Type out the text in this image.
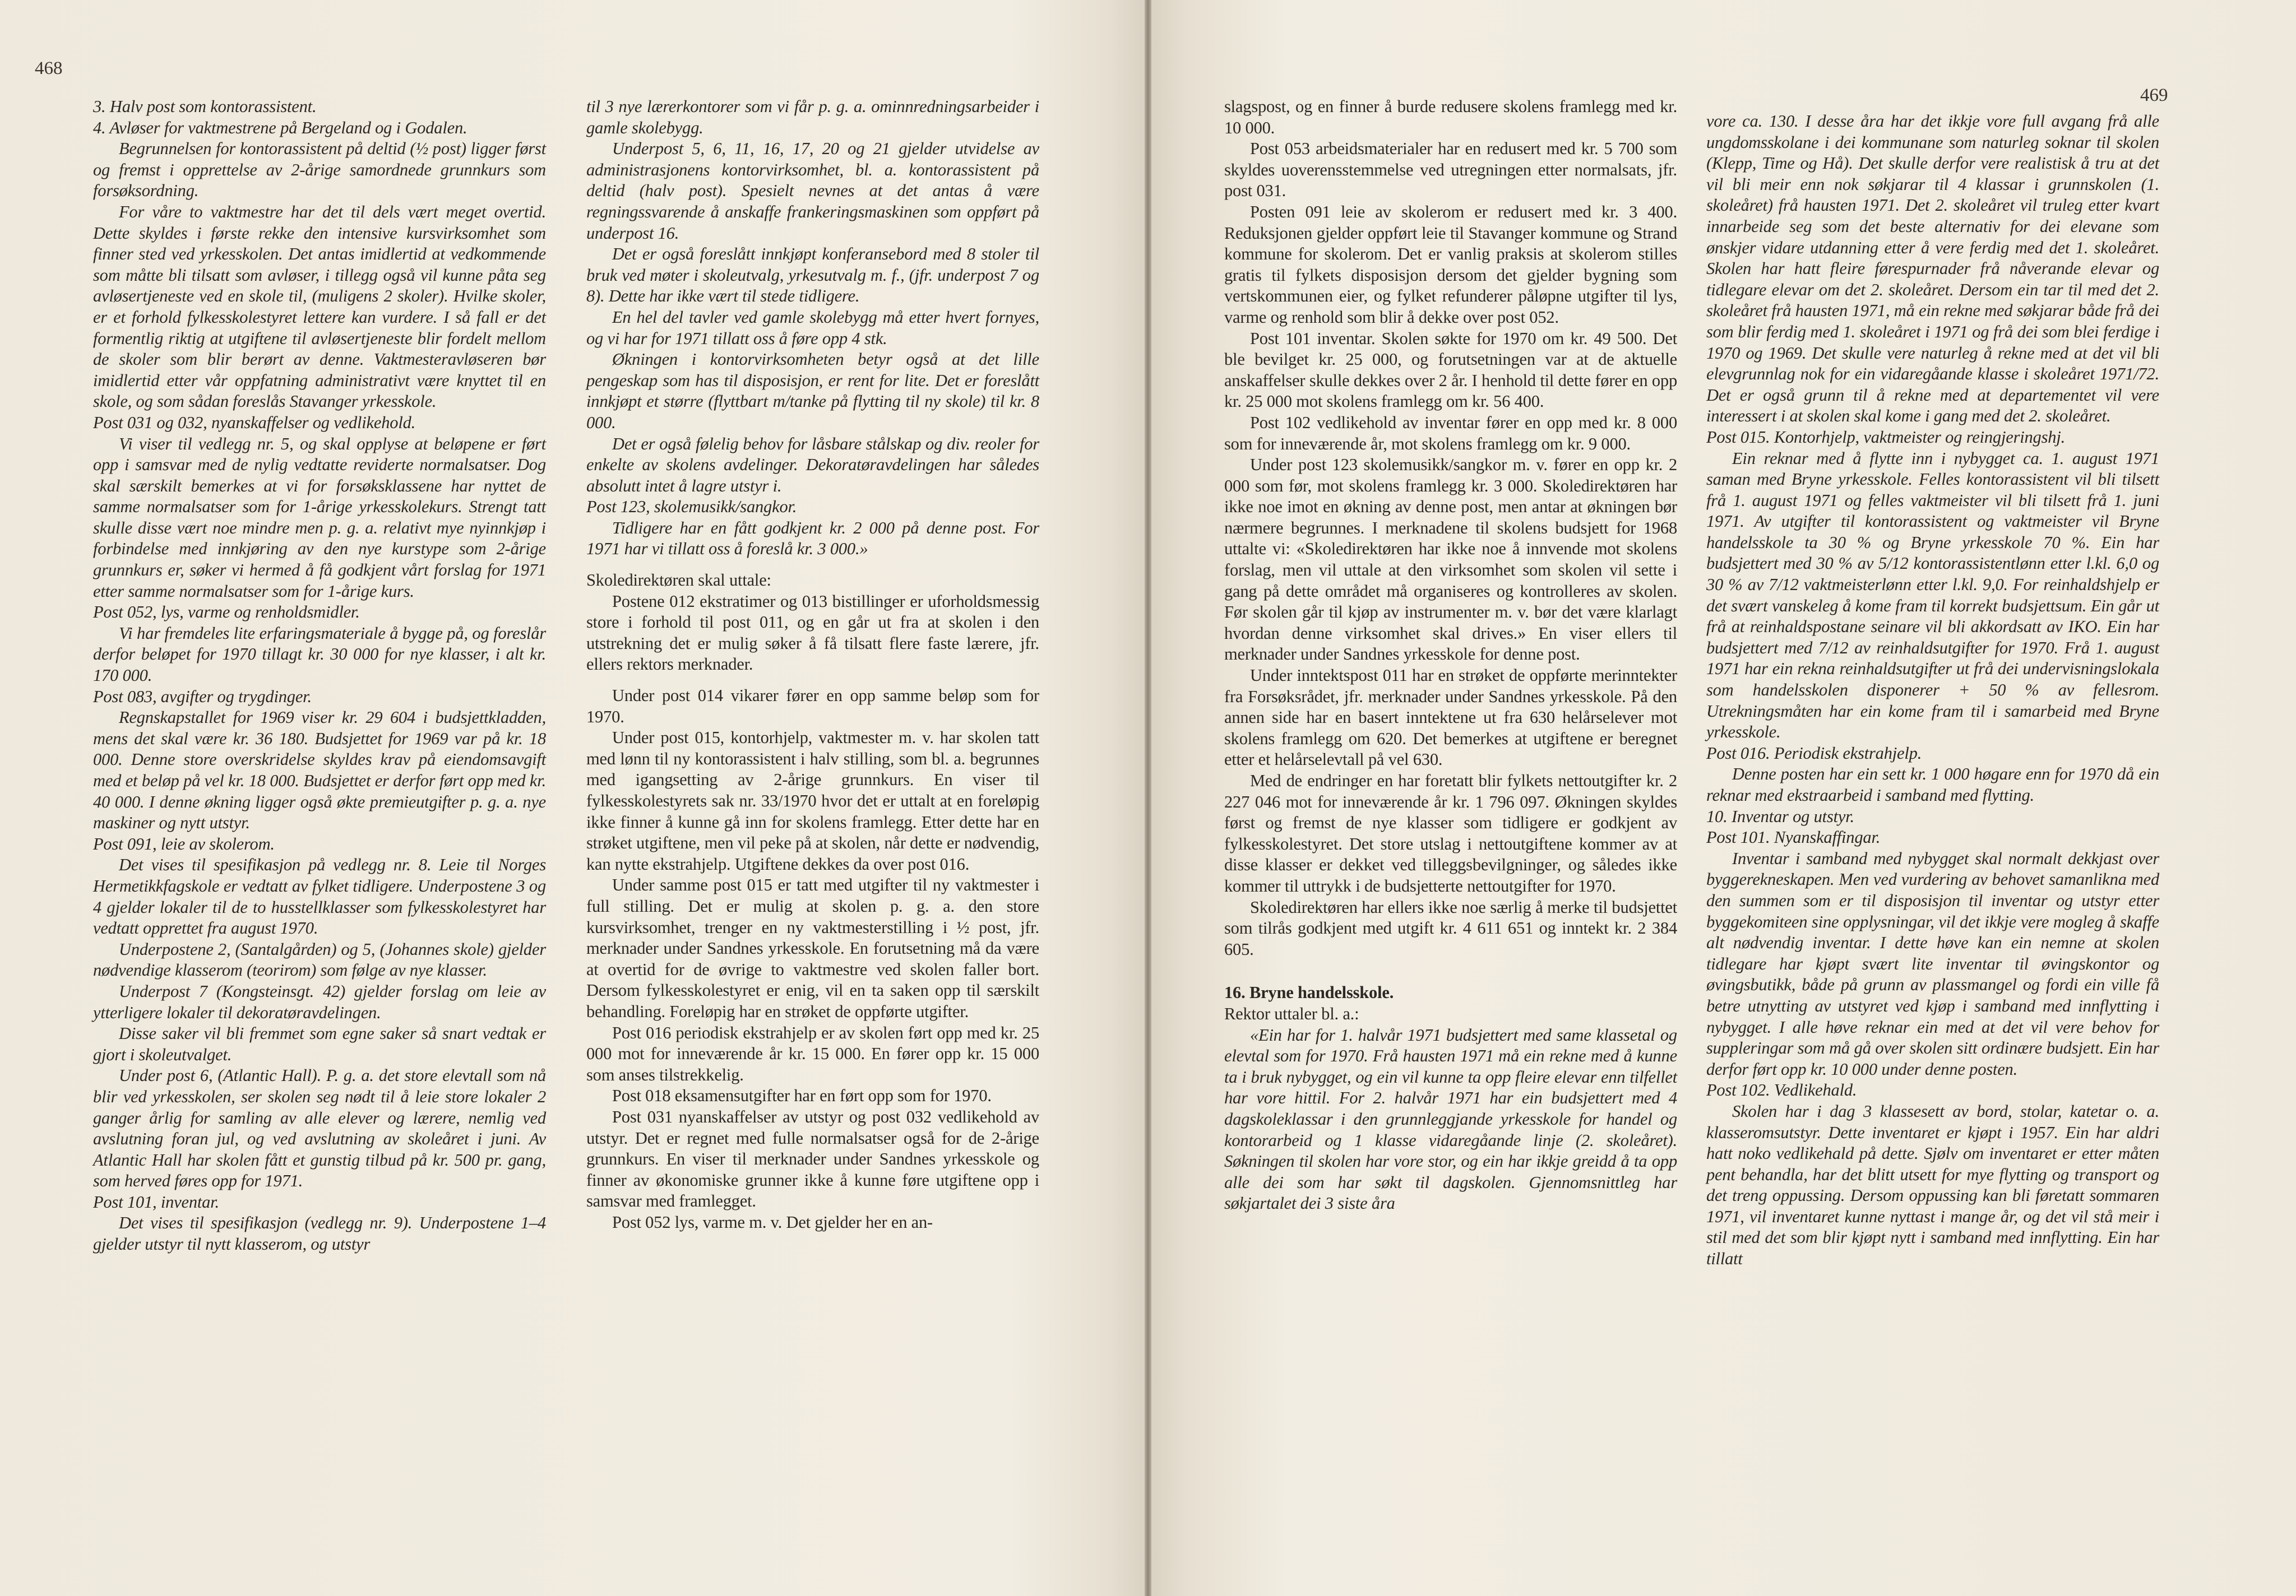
468

3. Halv post som kontorassistent.

4. Avløser for vaktmestrene på Bergeland og i Godalen.

Begrunnelsen for kontorassistent på deltid (½ post) ligger først og fremst i opprettelse av 2-årige samordnede grunnkurs som forsøksordning.

For våre to vaktmestre har det til dels vært meget overtid. Dette skyldes i første rekke den intensive kursvirksomhet som finner sted ved yrkesskolen. Det antas imidlertid at vedkommende som måtte bli tilsatt som avløser, i tillegg også vil kunne påta seg avløsertjeneste ved en skole til, (muligens 2 skoler). Hvilke skoler, er et forhold fylkesskolestyret lettere kan vurdere. I så fall er det formentlig riktig at utgiftene til avløsertjeneste blir fordelt mellom de skoler som blir berørt av denne. Vaktmesteravløseren bør imidlertid etter vår oppfatning administrativt være knyttet til en skole, og som sådan foreslås Stavanger yrkesskole.

Post 031 og 032, nyanskaffelser og vedlikehold.

Vi viser til vedlegg nr. 5, og skal opplyse at beløpene er ført opp i samsvar med de nylig vedtatte reviderte normalsatser. Dog skal særskilt bemerkes at vi for forsøksklassene har nyttet de samme normalsatser som for 1-årige yrkesskolekurs. Strengt tatt skulle disse vært noe mindre men p. g. a. relativt mye nyinnkjøp i forbindelse med innkjøring av den nye kurstype som 2-årige grunnkurs er, søker vi hermed å få godkjent vårt forslag for 1971 etter samme normalsatser som for 1-årige kurs.

Post 052, lys, varme og renholdsmidler.

Vi har fremdeles lite erfaringsmateriale å bygge på, og foreslår derfor beløpet for 1970 tillagt kr. 30 000 for nye klasser, i alt kr. 170 000.

Post 083, avgifter og trygdinger.

Regnskapstallet for 1969 viser kr. 29 604 i budsjettkladden, mens det skal være kr. 36 180. Budsjettet for 1969 var på kr. 18 000. Denne store overskridelse skyldes krav på eiendomsavgift med et beløp på vel kr. 18 000. Budsjettet er derfor ført opp med kr. 40 000. I denne økning ligger også økte premieutgifter p. g. a. nye maskiner og nytt utstyr.

Post 091, leie av skolerom.

Det vises til spesifikasjon på vedlegg nr. 8. Leie til Norges Hermetikkfagskole er vedtatt av fylket tidligere. Underpostene 3 og 4 gjelder lokaler til de to husstellklasser som fylkesskolestyret har vedtatt opprettet fra august 1970.

Underpostene 2, (Santalgården) og 5, (Johannes skole) gjelder nødvendige klasserom (teorirom) som følge av nye klasser.

Underpost 7 (Kongsteinsgt. 42) gjelder forslag om leie av ytterligere lokaler til dekoratøravdelingen.

Disse saker vil bli fremmet som egne saker så snart vedtak er gjort i skoleutvalget.

Under post 6, (Atlantic Hall). P. g. a. det store elevtall som nå blir ved yrkesskolen, ser skolen seg nødt til å leie store lokaler 2 ganger årlig for samling av alle elever og lærere, nemlig ved avslutning foran jul, og ved avslutning av skoleåret i juni. Av Atlantic Hall har skolen fått et gunstig tilbud på kr. 500 pr. gang, som herved føres opp for 1971.

Post 101, inventar.

Det vises til spesifikasjon (vedlegg nr. 9). Underpostene 1–4 gjelder utstyr til nytt klasserom, og utstyr

til 3 nye lærerkontorer som vi får p. g. a. ominnredningsarbeider i gamle skolebygg.

Underpost 5, 6, 11, 16, 17, 20 og 21 gjelder utvidelse av administrasjonens kontorvirksomhet, bl. a. kontorassistent på deltid (halv post). Spesielt nevnes at det antas å være regningssvarende å anskaffe frankeringsmaskinen som oppført på underpost 16.

Det er også foreslått innkjøpt konferansebord med 8 stoler til bruk ved møter i skoleutvalg, yrkesutvalg m. f., (jfr. underpost 7 og 8). Dette har ikke vært til stede tidligere.

En hel del tavler ved gamle skolebygg må etter hvert fornyes, og vi har for 1971 tillatt oss å føre opp 4 stk.

Økningen i kontorvirksomheten betyr også at det lille pengeskap som has til disposisjon, er rent for lite. Det er foreslått innkjøpt et større (flyttbart m/tanke på flytting til ny skole) til kr. 8 000.

Det er også følelig behov for låsbare stålskap og div. reoler for enkelte av skolens avdelinger. Dekoratøravdelingen har således absolutt intet å lagre utstyr i.

Post 123, skolemusikk/sangkor.

Tidligere har en fått godkjent kr. 2 000 på denne post. For 1971 har vi tillatt oss å foreslå kr. 3 000.»

Skoledirektøren skal uttale:

Postene 012 ekstratimer og 013 bistillinger er uforholdsmessig store i forhold til post 011, og en går ut fra at skolen i den utstrekning det er mulig søker å få tilsatt flere faste lærere, jfr. ellers rektors merknader.

Under post 014 vikarer fører en opp samme beløp som for 1970.

Under post 015, kontorhjelp, vaktmester m. v. har skolen tatt med lønn til ny kontorassistent i halv stilling, som bl. a. begrunnes med igangsetting av 2-årige grunnkurs. En viser til fylkesskolestyrets sak nr. 33/1970 hvor det er uttalt at en foreløpig ikke finner å kunne gå inn for skolens framlegg. Etter dette har en strøket utgiftene, men vil peke på at skolen, når dette er nødvendig, kan nytte ekstrahjelp. Utgiftene dekkes da over post 016.

Under samme post 015 er tatt med utgifter til ny vaktmester i full stilling. Det er mulig at skolen p. g. a. den store kursvirksomhet, trenger en ny vaktmesterstilling i ½ post, jfr. merknader under Sandnes yrkesskole. En forutsetning må da være at overtid for de øvrige to vaktmestre ved skolen faller bort. Dersom fylkesskolestyret er enig, vil en ta saken opp til særskilt behandling. Foreløpig har en strøket de oppførte utgifter.

Post 016 periodisk ekstrahjelp er av skolen ført opp med kr. 25 000 mot for inneværende år kr. 15 000. En fører opp kr. 15 000 som anses tilstrekkelig.

Post 018 eksamensutgifter har en ført opp som for 1970.

Post 031 nyanskaffelser av utstyr og post 032 vedlikehold av utstyr. Det er regnet med fulle normalsatser også for de 2-årige grunnkurs. En viser til merknader under Sandnes yrkesskole og finner av økonomiske grunner ikke å kunne føre utgiftene opp i samsvar med framlegget.

Post 052 lys, varme m. v. Det gjelder her en an-

469

slagspost, og en finner å burde redusere skolens framlegg med kr. 10 000.

Post 053 arbeidsmaterialer har en redusert med kr. 5 700 som skyldes uoverensstemmelse ved utregningen etter normalsats, jfr. post 031.

Posten 091 leie av skolerom er redusert med kr. 3 400. Reduksjonen gjelder oppført leie til Stavanger kommune og Strand kommune for skolerom. Det er vanlig praksis at skolerom stilles gratis til fylkets disposisjon dersom det gjelder bygning som vertskommunen eier, og fylket refunderer påløpne utgifter til lys, varme og renhold som blir å dekke over post 052.

Post 101 inventar. Skolen søkte for 1970 om kr. 49 500. Det ble bevilget kr. 25 000, og forutsetningen var at de aktuelle anskaffelser skulle dekkes over 2 år. I henhold til dette fører en opp kr. 25 000 mot skolens framlegg om kr. 56 400.

Post 102 vedlikehold av inventar fører en opp med kr. 8 000 som for inneværende år, mot skolens framlegg om kr. 9 000.

Under post 123 skolemusikk/sangkor m. v. fører en opp kr. 2 000 som før, mot skolens framlegg kr. 3 000. Skoledirektøren har ikke noe imot en økning av denne post, men antar at økningen bør nærmere begrunnes. I merknadene til skolens budsjett for 1968 uttalte vi: «Skoledirektøren har ikke noe å innvende mot skolens forslag, men vil uttale at den virksomhet som skolen vil sette i gang på dette området må organiseres og kontrolleres av skolen. Før skolen går til kjøp av instrumenter m. v. bør det være klarlagt hvordan denne virksomhet skal drives.» En viser ellers til merknader under Sandnes yrkesskole for denne post.

Under inntektspost 011 har en strøket de oppførte merinntekter fra Forsøksrådet, jfr. merknader under Sandnes yrkesskole. På den annen side har en basert inntektene ut fra 630 helårselever mot skolens framlegg om 620. Det bemerkes at utgiftene er beregnet etter et helårselevtall på vel 630.

Med de endringer en har foretatt blir fylkets nettoutgifter kr. 2 227 046 mot for inneværende år kr. 1 796 097. Økningen skyldes først og fremst de nye klasser som tidligere er godkjent av fylkesskolestyret. Det store utslag i nettoutgiftene kommer av at disse klasser er dekket ved tilleggsbevilgninger, og således ikke kommer til uttrykk i de budsjetterte nettoutgifter for 1970.

Skoledirektøren har ellers ikke noe særlig å merke til budsjettet som tilrås godkjent med utgift kr. 4 611 651 og inntekt kr. 2 384 605.

16. Bryne handelsskole.

Rektor uttaler bl. a.:

«Ein har for 1. halvår 1971 budsjettert med same klassetal og elevtal som for 1970. Frå hausten 1971 må ein rekne med å kunne ta i bruk nybygget, og ein vil kunne ta opp fleire elevar enn tilfellet har vore hittil. For 2. halvår 1971 har ein budsjettert med 4 dagskoleklassar i den grunnleggjande yrkesskole for handel og kontorarbeid og 1 klasse vidaregåande linje (2. skoleåret). Søkningen til skolen har vore stor, og ein har ikkje greidd å ta opp alle dei som har søkt til dagskolen. Gjennomsnittleg har søkjartalet dei 3 siste åra

vore ca. 130. I desse åra har det ikkje vore full avgang frå alle ungdomsskolane i dei kommunane som naturleg soknar til skolen (Klepp, Time og Hå). Det skulle derfor vere realistisk å tru at det vil bli meir enn nok søkjarar til 4 klassar i grunnskolen (1. skoleåret) frå hausten 1971. Det 2. skoleåret vil truleg etter kvart innarbeide seg som det beste alternativ for dei elevane som ønskjer vidare utdanning etter å vere ferdig med det 1. skoleåret. Skolen har hatt fleire førespurnader frå nåverande elevar og tidlegare elevar om det 2. skoleåret. Dersom ein tar til med det 2. skoleåret frå hausten 1971, må ein rekne med søkjarar både frå dei som blir ferdig med 1. skoleåret i 1971 og frå dei som blei ferdige i 1970 og 1969. Det skulle vere naturleg å rekne med at det vil bli elevgrunnlag nok for ein vidaregåande klasse i skoleåret 1971/72. Det er også grunn til å rekne med at departementet vil vere interessert i at skolen skal kome i gang med det 2. skoleåret.

Post 015. Kontorhjelp, vaktmeister og reingjeringshj.

Ein reknar med å flytte inn i nybygget ca. 1. august 1971 saman med Bryne yrkesskole. Felles kontorassistent vil bli tilsett frå 1. august 1971 og felles vaktmeister vil bli tilsett frå 1. juni 1971. Av utgifter til kontorassistent og vaktmeister vil Bryne handelsskole ta 30 % og Bryne yrkesskole 70 %. Ein har budsjettert med 30 % av 5/12 kontorassistentlønn etter l.kl. 6,0 og 30 % av 7/12 vaktmeisterlønn etter l.kl. 9,0. For reinhaldshjelp er det svært vanskeleg å kome fram til korrekt budsjettsum. Ein går ut frå at reinhaldspostane seinare vil bli akkordsatt av IKO. Ein har budsjettert med 7/12 av reinhaldsutgifter for 1970. Frå 1. august 1971 har ein rekna reinhaldsutgifter ut frå dei undervisningslokala som handelsskolen disponerer + 50 % av fellesrom. Utrekningsmåten har ein kome fram til i samarbeid med Bryne yrkesskole.

Post 016. Periodisk ekstrahjelp.

Denne posten har ein sett kr. 1 000 høgare enn for 1970 då ein reknar med ekstraarbeid i samband med flytting.

10. Inventar og utstyr.

Post 101. Nyanskaffingar.

Inventar i samband med nybygget skal normalt dekkjast over byggerekneskapen. Men ved vurdering av behovet samanlikna med den summen som er til disposisjon til inventar og utstyr etter byggekomiteen sine opplysningar, vil det ikkje vere mogleg å skaffe alt nødvendig inventar. I dette høve kan ein nemne at skolen tidlegare har kjøpt svært lite inventar til øvingskontor og øvingsbutikk, både på grunn av plassmangel og fordi ein ville få betre utnytting av utstyret ved kjøp i samband med innflytting i nybygget. I alle høve reknar ein med at det vil vere behov for suppleringar som må gå over skolen sitt ordinære budsjett. Ein har derfor ført opp kr. 10 000 under denne posten.

Post 102. Vedlikehald.

Skolen har i dag 3 klassesett av bord, stolar, katetar o. a. klasseromsutstyr. Dette inventaret er kjøpt i 1957. Ein har aldri hatt noko vedlikehald på dette. Sjølv om inventaret er etter måten pent behandla, har det blitt utsett for mye flytting og transport og det treng oppussing. Dersom oppussing kan bli føretatt sommaren 1971, vil inventaret kunne nyttast i mange år, og det vil stå meir i stil med det som blir kjøpt nytt i samband med innflytting. Ein har tillatt
